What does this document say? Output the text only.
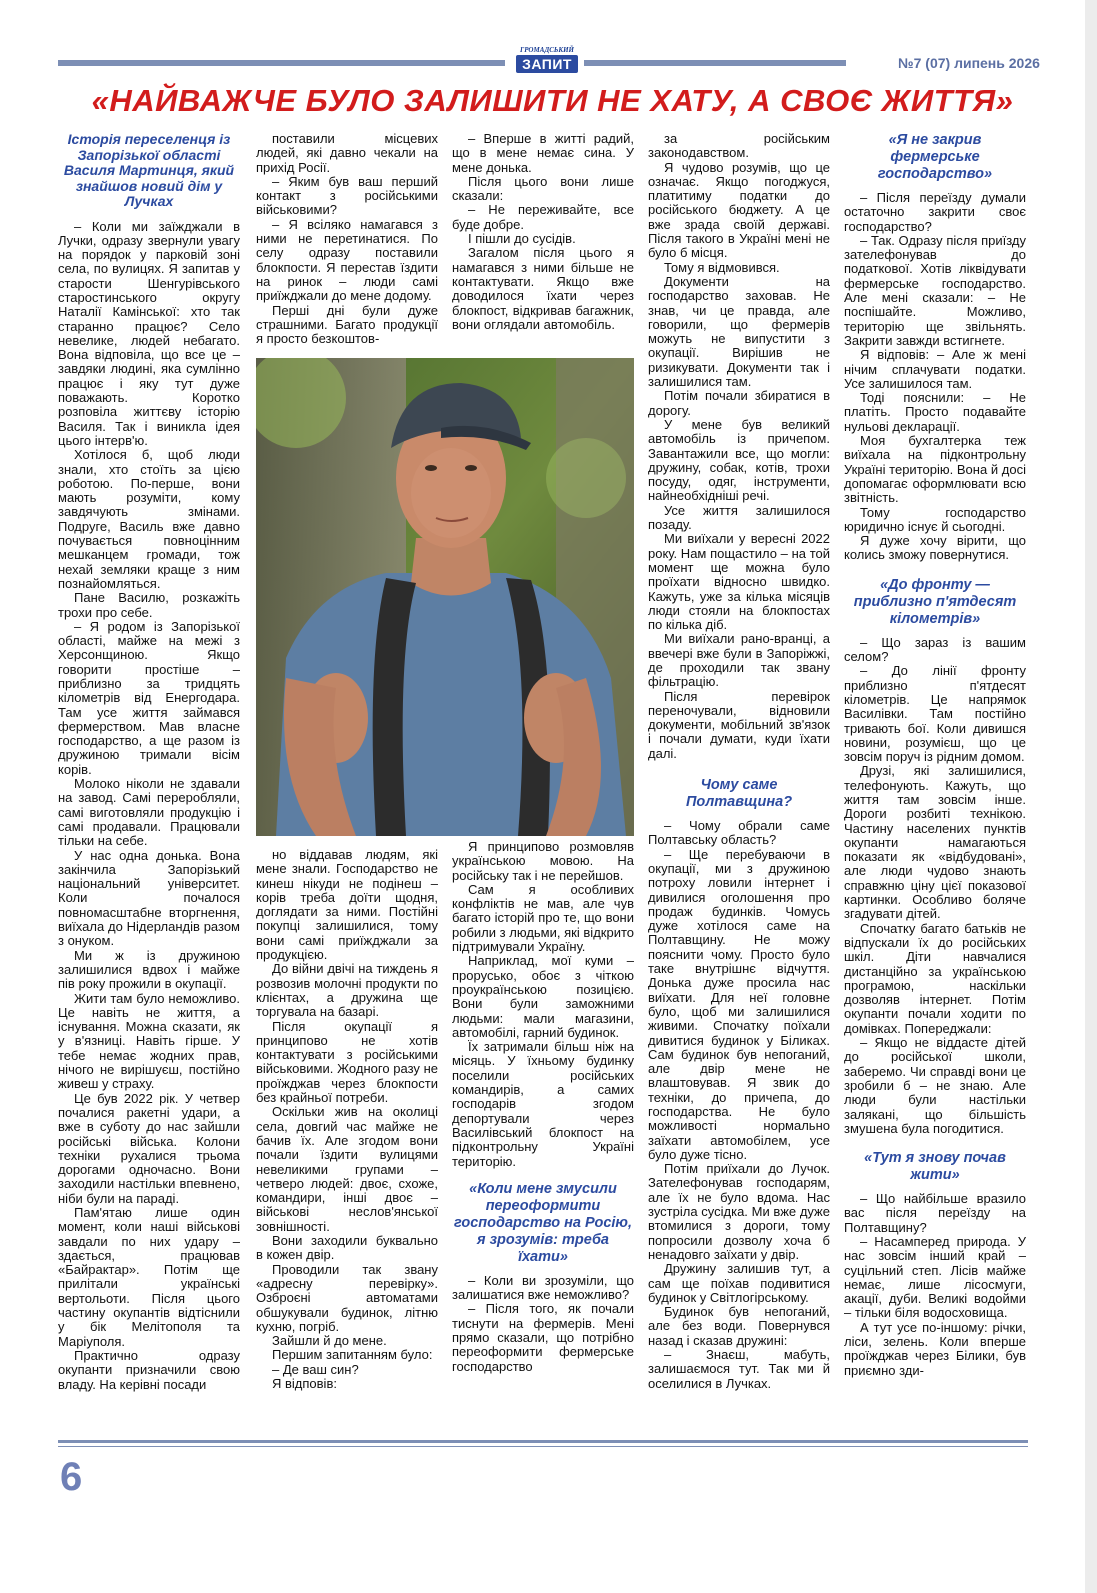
ГРОМАДСЬКИЙ
ЗАПИТ	№7 (07) липень 2026
«НАЙВАЖЧЕ БУЛО ЗАЛИШИТИ НЕ ХАТУ, А СВОЄ ЖИТТЯ»
Історія переселенця із Запорізької області Василя Мартинця, який знайшов новий дім у Лучках

– Коли ми заїжджали в Лучки, одразу звернули увагу на порядок у парковій зоні села, по вулицях. Я запитав у старости Шенгурівського старостинського округу Наталії Камінської: хто так старанно працює? Село невелике, людей небагато. Вона відповіла, що все це – завдяки людині, яка сумлінно працює і яку тут дуже поважають. Коротко розповіла життєву історію Василя. Так і виникла ідея цього інтерв'ю.

Хотілося б, щоб люди знали, хто стоїть за цією роботою. По-перше, вони мають розуміти, кому завдячують змінами. Подруге, Василь вже давно почувається повноцінним мешканцем громади, тож нехай земляки краще з ним познайомляться.

Пане Василю, розкажіть трохи про себе.

– Я родом із Запорізької області, майже на межі з Херсонщиною. Якщо говорити простіше – приблизно за тридцять кілометрів від Енергодара. Там усе життя займався фермерством. Мав власне господарство, а ще разом із дружиною тримали вісім корів.

Молоко ніколи не здавали на завод. Самі переробляли, самі виготовляли продукцію і самі продавали. Працювали тільки на себе.

У нас одна донька. Вона закінчила Запорізький національний університет. Коли почалося повномасштабне вторгнення, виїхала до Нідерландів разом з онуком.

Ми ж із дружиною залишилися вдвох і майже пів року прожили в окупації.

Жити там було неможливо. Це навіть не життя, а існування. Можна сказати, як у в'язниці. Навіть гірше. У тебе немає жодних прав, нічого не вирішуєш, постійно живеш у страху.

Це був 2022 рік. У четвер почалися ракетні удари, а вже в суботу до нас зайшли російські війська. Колони техніки рухалися трьома дорогами одночасно. Вони заходили настільки впевнено, ніби були на параді.

Пам'ятаю лише один момент, коли наші військові завдали по них удару – здається, працював «Байрактар». Потім ще прилітали українські вертольоти. Після цього частину окупантів відтіснили у бік Мелітополя та Маріуполя.

Практично одразу окупанти призначили свою владу. На керівні посади

поставили місцевих людей, які давно чекали на прихід Росії.

– Яким був ваш перший контакт з російськими військовими?

– Я всіляко намагався з ними не перетинатися. По селу одразу поставили блокпости. Я перестав їздити на ринок – люди самі приїжджали до мене додому.

Перші дні були дуже страшними. Багато продукції я просто безкоштов-

– Вперше в житті радий, що в мене немає сина. У мене донька.

Після цього вони лише сказали:

– Не переживайте, все буде добре.

І пішли до сусідів.

Загалом після цього я намагався з ними більше не контактувати. Якщо вже доводилося їхати через блокпост, відкривав багажник, вони оглядали автомобіль.

но віддавав людям, які мене знали. Господарство не кинеш нікуди не подінеш – корів треба доїти щодня, доглядати за ними. Постійні покупці залишилися, тому вони самі приїжджали за продукцією.

До війни двічі на тиждень я розвозив молочні продукти по клієнтах, а дружина ще торгувала на базарі.

Після окупації я принципово не хотів контактувати з російськими військовими. Жодного разу не проїжджав через блокпости без крайньої потреби.

Оскільки жив на околиці села, довгий час майже не бачив їх. Але згодом вони почали їздити вулицями невеликими групами – четверо людей: двоє, схоже, командири, інші двоє – військові неслов'янської зовнішності.

Вони заходили буквально в кожен двір.

Проводили так звану «адресну перевірку». Озброєні автоматами обшукували будинок, літню кухню, погріб.

Зайшли й до мене.

Першим запитанням було:

– Де ваш син?

Я відповів:

Я принципово розмовляв українською мовою. На російську так і не перейшов.

Сам я особливих конфліктів не мав, але чув багато історій про те, що вони робили з людьми, які відкрито підтримували Україну.

Наприклад, мої куми – прорусько, обоє з чіткою проукраїнською позицією. Вони були заможними людьми: мали магазини, автомобілі, гарний будинок.

Їх затримали більш ніж на місяць. У їхньому будинку поселили російських командирів, а самих господарів згодом депортували через Василівський блокпост на підконтрольну Україні територію.

«Коли мене змусили переоформити господарство на Росію, я зрозумів: треба їхати»

– Коли ви зрозуміли, що залишатися вже неможливо?

– Після того, як почали тиснути на фермерів. Мені прямо сказали, що потрібно переоформити фермерське господарство

за російським законодавством.

Я чудово розумів, що це означає. Якщо погоджуся, платитиму податки до російського бюджету. А це вже зрада своїй державі. Після такого в Україні мені не було б місця.

Тому я відмовився.

Документи на господарство заховав. Не знав, чи це правда, але говорили, що фермерів можуть не випустити з окупації. Вирішив не ризикувати. Документи так і залишилися там.

Потім почали збиратися в дорогу.

У мене був великий автомобіль із причепом. Завантажили все, що могли: дружину, собак, котів, трохи посуду, одяг, інструменти, найнеобхідніші речі.

Усе життя залишилося позаду.

Ми виїхали у вересні 2022 року. Нам пощастило – на той момент ще можна було проїхати відносно швидко. Кажуть, уже за кілька місяців люди стояли на блокпостах по кілька діб.

Ми виїхали рано-вранці, а ввечері вже були в Запоріжжі, де проходили так звану фільтрацію.

Після перевірок переночували, відновили документи, мобільний зв'язок і почали думати, куди їхати далі.

Чому саме Полтавщина?

– Чому обрали саме Полтавську область?

– Ще перебуваючи в окупації, ми з дружиною потроху ловили інтернет і дивилися оголошення про продаж будинків. Чомусь дуже хотілося саме на Полтавщину. Не можу пояснити чому. Просто було таке внутрішнє відчуття. Донька дуже просила нас виїхати. Для неї головне було, щоб ми залишилися живими. Спочатку поїхали дивитися будинок у Біликах. Сам будинок був непоганий, але двір мене не влаштовував. Я звик до техніки, до причепа, до господарства. Не було можливості нормально заїхати автомобілем, усе було дуже тісно.

Потім приїхали до Лучок. Зателефонував господарям, але їх не було вдома. Нас зустріла сусідка. Ми вже дуже втомилися з дороги, тому попросили дозволу хоча б ненадовго заїхати у двір.

Дружину залишив тут, а сам ще поїхав подивитися будинок у Світлогірському.

Будинок був непоганий, але без води. Повернувся назад і сказав дружині:

– Знаєш, мабуть, залишаємося тут. Так ми й оселилися в Лучках.

«Я не закрив фермерське господарство»

– Після переїзду думали остаточно закрити своє господарство?

– Так. Одразу після приїзду зателефонував до податкової. Хотів ліквідувати фермерське господарство. Але мені сказали: – Не поспішайте. Можливо, територію ще звільнять. Закрити завжди встигнете.

Я відповів: – Але ж мені нічим сплачувати податки. Усе залишилося там.

Тоді пояснили: – Не платіть. Просто подавайте нульові декларації.

Моя бухгалтерка теж виїхала на підконтрольну Україні територію. Вона й досі допомагає оформлювати всю звітність.

Тому господарство юридично існує й сьогодні.

Я дуже хочу вірити, що колись зможу повернутися.

«До фронту — приблизно п'ятдесят кілометрів»

– Що зараз із вашим селом?

– До лінії фронту приблизно п'ятдесят кілометрів. Це напрямок Василівки. Там постійно тривають бої. Коли дивишся новини, розумієш, що це зовсім поруч із рідним домом.

Друзі, які залишилися, телефонують. Кажуть, що життя там зовсім інше. Дороги розбиті технікою. Частину населених пунктів окупанти намагаються показати як «відбудовані», але люди чудово знають справжню ціну цієї показової картинки. Особливо боляче згадувати дітей.

Спочатку багато батьків не відпускали їх до російських шкіл. Діти навчалися дистанційно за українською програмою, наскільки дозволяв інтернет. Потім окупанти почали ходити по домівках. Попереджали:

– Якщо не віддасте дітей до російської школи, заберемо. Чи справді вони це зробили б – не знаю. Але люди були настільки залякані, що більшість змушена була погодитися.

«Тут я знову почав жити»

– Що найбільше вразило вас після переїзду на Полтавщину?

– Насамперед природа. У нас зовсім інший край – суцільний степ. Лісів майже немає, лише лісосмуги, акації, дуби. Великі водойми – тільки біля водосховища.

А тут усе по-іншому: річки, ліси, зелень. Коли вперше проїжджав через Білики, був приємно зди-

6
